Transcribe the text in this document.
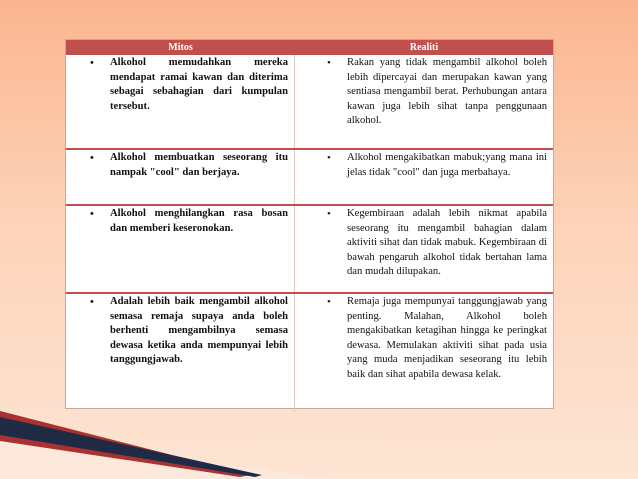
Mitos	Realiti
• Alkohol memudahkan mereka mendapat ramai kawan dan diterima sebagai sebahagian dari kumpulan tersebut.
• Rakan yang tidak mengambil alkohol boleh lebih dipercayai dan merupakan kawan yang sentiasa mengambil berat. Perhubungan antara kawan juga lebih sihat tanpa penggunaan alkohol.
• Alkohol membuatkan seseorang itu nampak "cool" dan berjaya.
• Alkohol mengakibatkan mabuk;yang mana ini jelas tidak "cool" dan juga merbahaya.
• Alkohol menghilangkan rasa bosan dan memberi keseronokan.
• Kegembiraan adalah lebih nikmat apabila seseorang itu mengambil bahagian dalam aktiviti sihat dan tidak mabuk. Kegembiraan di bawah pengaruh alkohol tidak bertahan lama dan mudah dilupakan.
• Adalah lebih baik mengambil alkohol semasa remaja supaya anda boleh berhenti mengambilnya semasa dewasa ketika anda mempunyai lebih tanggungjawab.
• Remaja juga mempunyai tanggungjawab yang penting. Malahan, Alkohol boleh mengakibatkan ketagihan hingga ke peringkat dewasa. Memulakan aktiviti sihat pada usia yang muda menjadikan seseorang itu lebih baik dan sihat apabila dewasa kelak.
